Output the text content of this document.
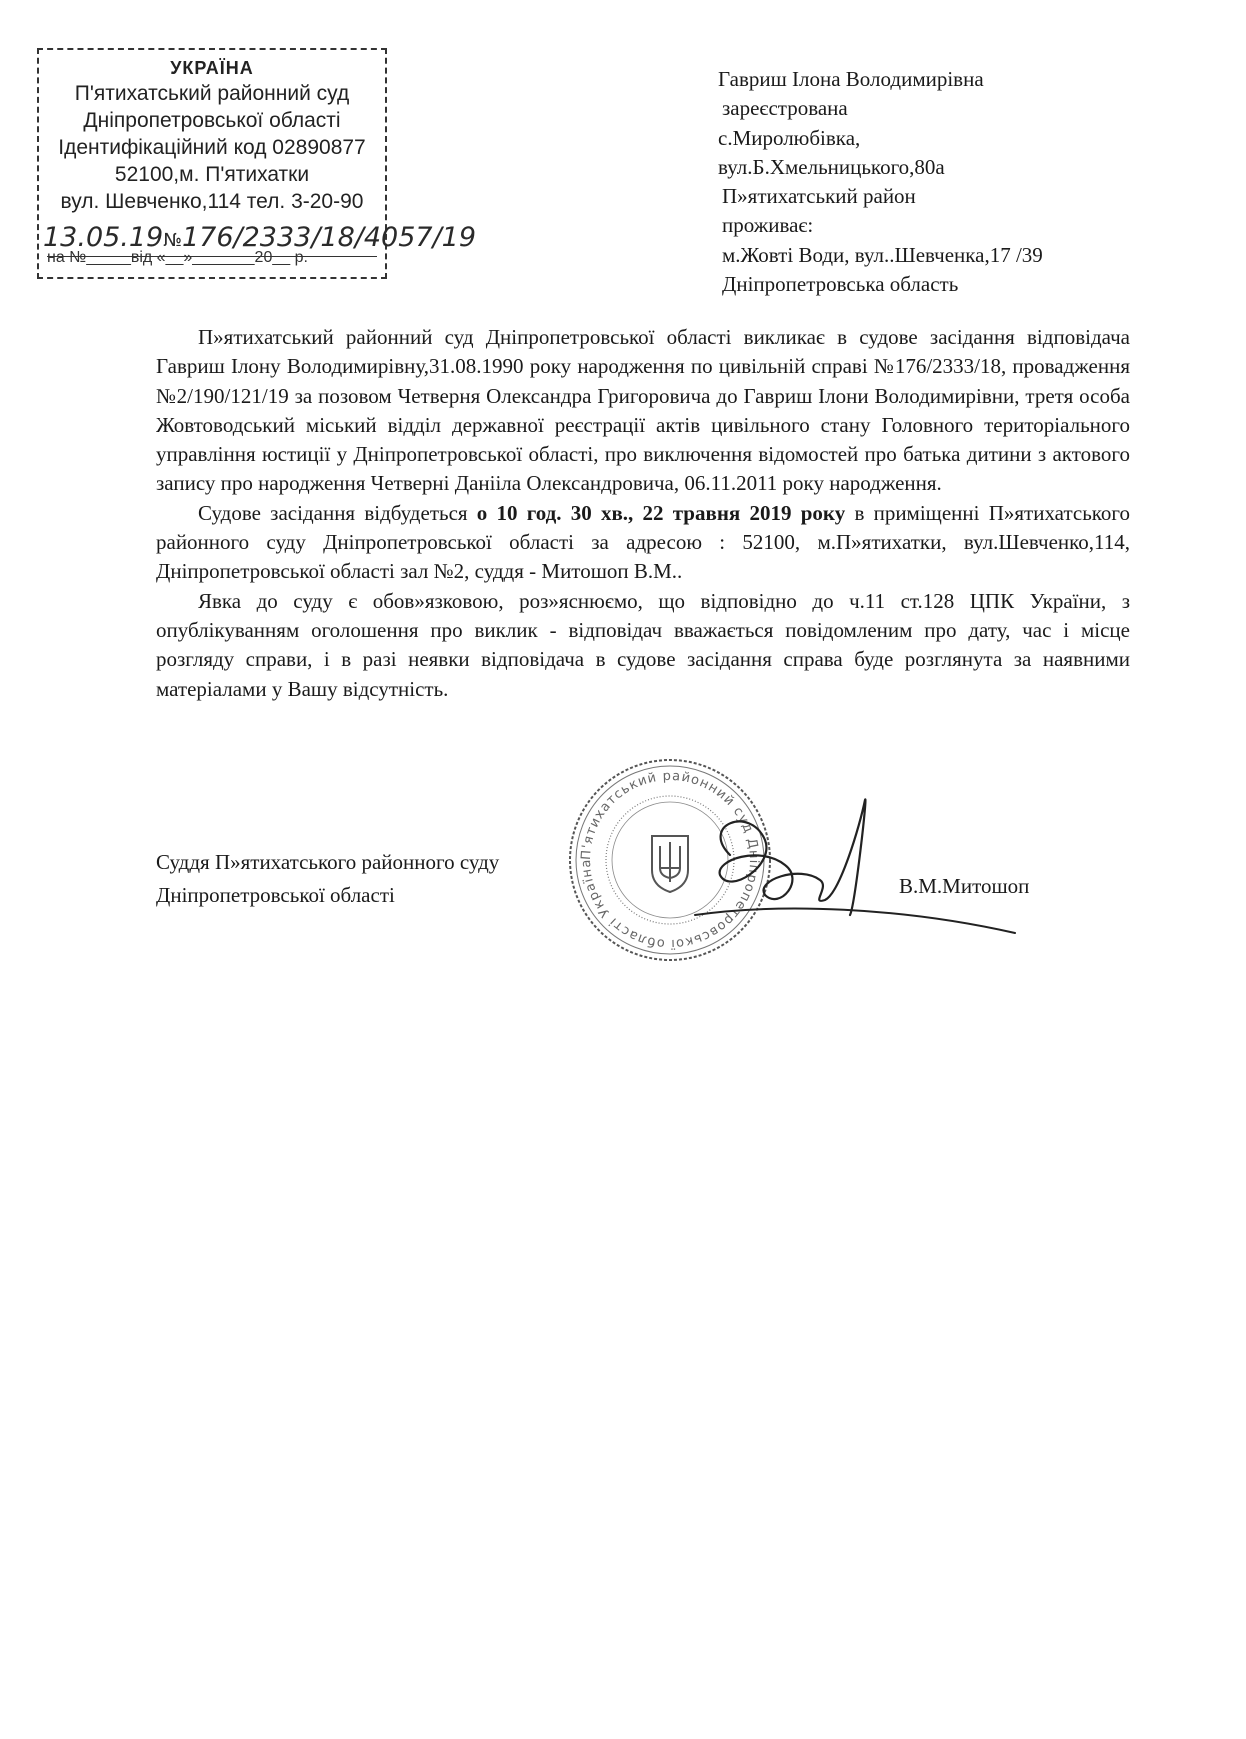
УКРАЇНА
П'ятихатський районний суд
Дніпропетровської області
Ідентифікаційний код 02890877
52100,м. П'ятихатки
вул. Шевченко,114 тел. 3-20-90
13.05.19№176/2333/18/4057/19
на №_____від «__»_______20__ р.
Гавриш Ілона Володимирівна
зареєстрована
с.Миролюбівка,
вул.Б.Хмельницького,80а
П»ятихатський район
проживає:
м.Жовті Води, вул..Шевченка,17 /39
Дніпропетровська область

П»ятихатський районний суд Дніпропетровської області викликає в судове засідання відповідача Гавриш Ілону Володимирівну,31.08.1990 року народження по цивільній справі №176/2333/18, провадження №2/190/121/19 за позовом Четверня Олександра Григоровича до Гавриш Ілони Володимирівни, третя особа Жовтоводський міський відділ державної реєстрації актів цивільного стану Головного територіального управління юстиції у Дніпропетровської області, про виключення відомостей про батька дитини з актового запису про народження Четверні Данііла Олександровича, 06.11.2011 року народження.

Судове засідання відбудеться о 10 год. 30 хв., 22 травня 2019 року в приміщенні П»ятихатського районного суду Дніпропетровської області за адресою : 52100, м.П»ятихатки, вул.Шевченко,114, Дніпропетровської області зал №2, суддя - Митошоп В.М..

Явка до суду є обов»язковою, роз»яснюємо, що відповідно до ч.11 ст.128 ЦПК України, з опублікуванням оголошення про виклик - відповідач вважається повідомленим про дату, час і місце розгляду справи, і в разі неявки відповідача в судове засідання справа буде розглянута за наявними матеріалами у Вашу відсутність.

П'ятихатський районний суд Дніпропетровської області Україна
Суддя П»ятихатського районного суду
Дніпропетровської області	В.М.Митошоп
